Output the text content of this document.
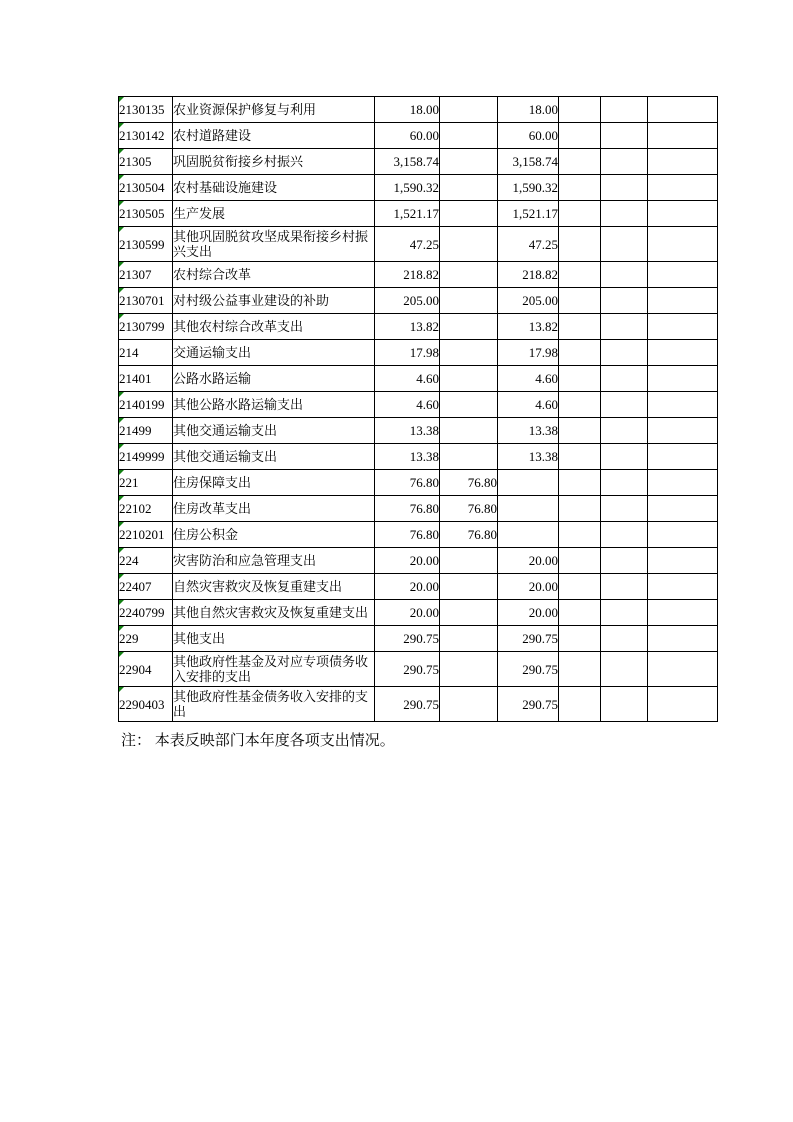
2130135	农业资源保护修复与利用	18.00		18.00			
2130142	农村道路建设	60.00		60.00			
21305	巩固脱贫衔接乡村振兴	3,158.74		3,158.74			
2130504	农村基础设施建设	1,590.32		1,590.32			
2130505	生产发展	1,521.17		1,521.17			
2130599	其他巩固脱贫攻坚成果衔接乡村振兴支出	47.25		47.25			
21307	农村综合改革	218.82		218.82			
2130701	对村级公益事业建设的补助	205.00		205.00			
2130799	其他农村综合改革支出	13.82		13.82			
214	交通运输支出	17.98		17.98			
21401	公路水路运输	4.60		4.60			
2140199	其他公路水路运输支出	4.60		4.60			
21499	其他交通运输支出	13.38		13.38			
2149999	其他交通运输支出	13.38		13.38			
221	住房保障支出	76.80	76.80				
22102	住房改革支出	76.80	76.80				
2210201	住房公积金	76.80	76.80				
224	灾害防治和应急管理支出	20.00		20.00			
22407	自然灾害救灾及恢复重建支出	20.00		20.00			
2240799	其他自然灾害救灾及恢复重建支出	20.00		20.00			
229	其他支出	290.75		290.75			
22904	其他政府性基金及对应专项债务收入安排的支出	290.75		290.75			
2290403	其他政府性基金债务收入安排的支出	290.75		290.75			
注： 本表反映部门本年度各项支出情况。
